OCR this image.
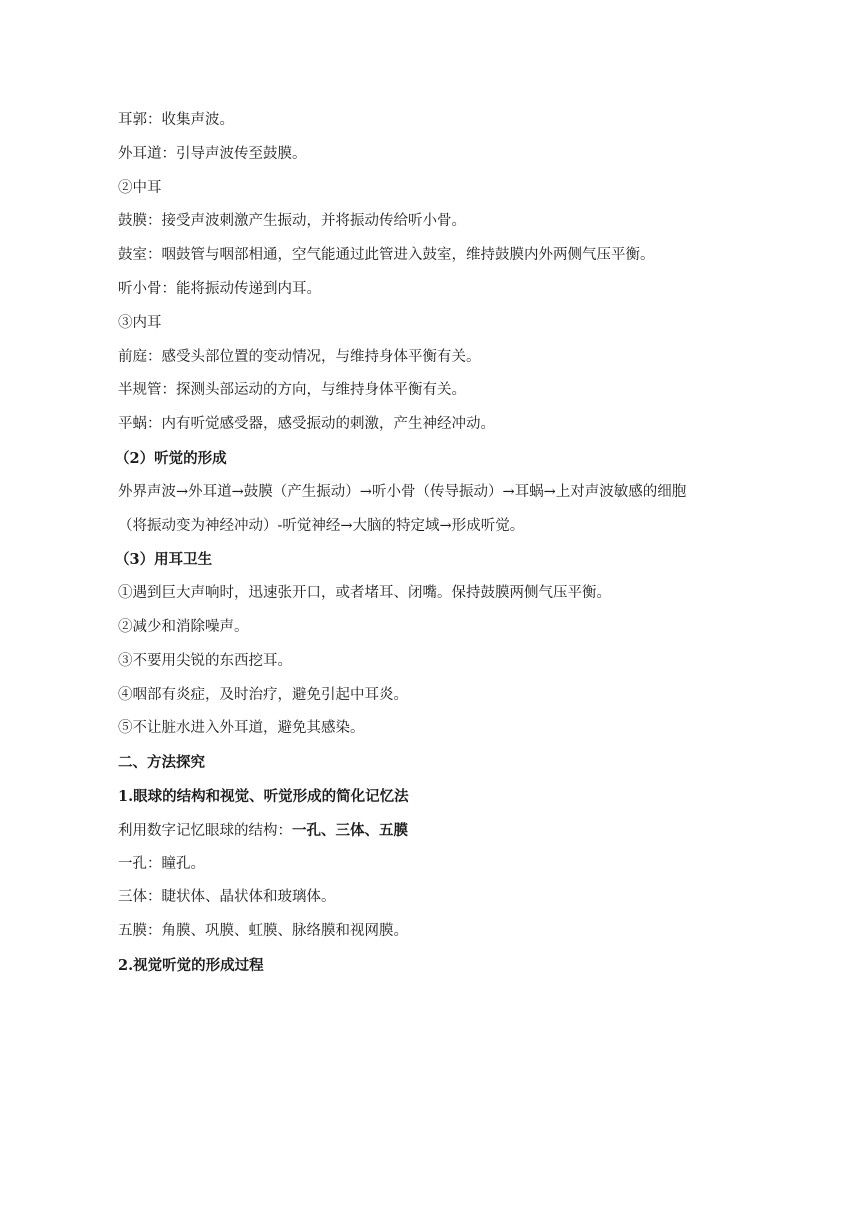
耳郭：收集声波。

外耳道：引导声波传至鼓膜。

②中耳

鼓膜：接受声波刺激产生振动，并将振动传给听小骨。

鼓室：咽鼓管与咽部相通，空气能通过此管进入鼓室，维持鼓膜内外两侧气压平衡。

听小骨：能将振动传递到内耳。

③内耳

前庭：感受头部位置的变动情况，与维持身体平衡有关。

半规管：探测头部运动的方向，与维持身体平衡有关。

平蜗：内有听觉感受器，感受振动的刺激，产生神经冲动。

（2）听觉的形成

外界声波→外耳道→鼓膜（产生振动）→听小骨（传导振动）→耳蜗→上对声波敏感的细胞

（将振动变为神经冲动）-听觉神经→大脑的特定域→形成听觉。

（3）用耳卫生

①遇到巨大声响时，迅速张开口，或者堵耳、闭嘴。保持鼓膜两侧气压平衡。

②减少和消除噪声。

③不要用尖锐的东西挖耳。

④咽部有炎症，及时治疗，避免引起中耳炎。

⑤不让脏水进入外耳道，避免其感染。

二、方法探究

1.眼球的结构和视觉、听觉形成的简化记忆法

利用数字记忆眼球的结构：一孔、三体、五膜

一孔：瞳孔。

三体：睫状体、晶状体和玻璃体。

五膜：角膜、巩膜、虹膜、脉络膜和视网膜。

2.视觉听觉的形成过程
